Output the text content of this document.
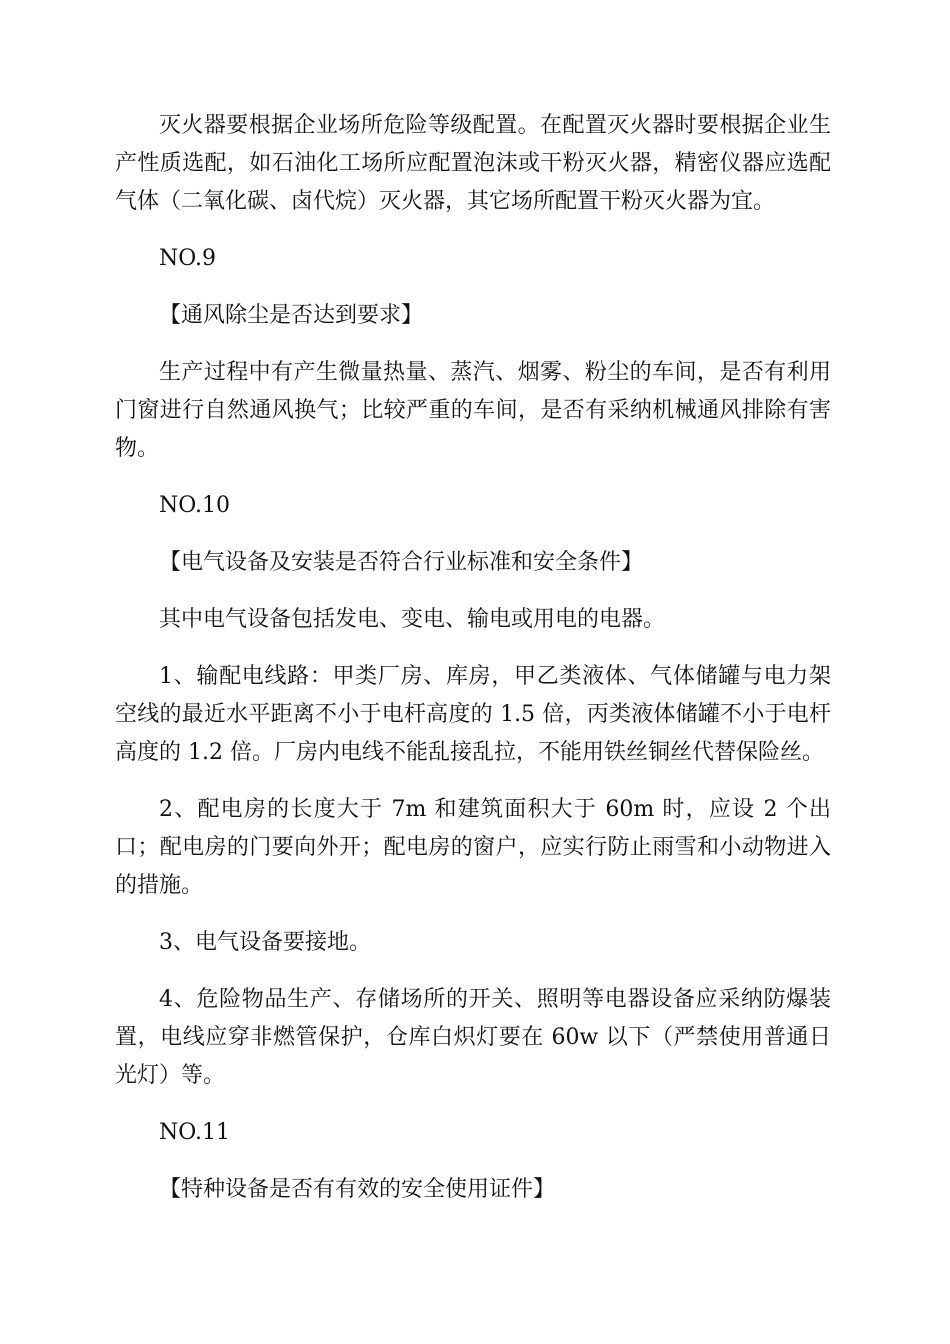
灭火器要根据企业场所危险等级配置。在配置灭火器时要根据企业生产性质选配，如石油化工场所应配置泡沫或干粉灭火器，精密仪器应选配气体（二氧化碳、卤代烷）灭火器，其它场所配置干粉灭火器为宜。

NO.9

【通风除尘是否达到要求】

生产过程中有产生微量热量、蒸汽、烟雾、粉尘的车间，是否有利用门窗进行自然通风换气；比较严重的车间，是否有采纳机械通风排除有害物。

NO.10

【电气设备及安装是否符合行业标准和安全条件】

其中电气设备包括发电、变电、输电或用电的电器。

1、输配电线路：甲类厂房、库房，甲乙类液体、气体储罐与电力架空线的最近水平距离不小于电杆高度的 1.5 倍，丙类液体储罐不小于电杆高度的 1.2 倍。厂房内电线不能乱接乱拉，不能用铁丝铜丝代替保险丝。

2、配电房的长度大于 7m 和建筑面积大于 60m 时，应设 2 个出口；配电房的门要向外开；配电房的窗户，应实行防止雨雪和小动物进入的措施。

3、电气设备要接地。

4、危险物品生产、存储场所的开关、照明等电器设备应采纳防爆装置，电线应穿非燃管保护，仓库白炽灯要在 60w 以下（严禁使用普通日光灯）等。

NO.11

【特种设备是否有有效的安全使用证件】
